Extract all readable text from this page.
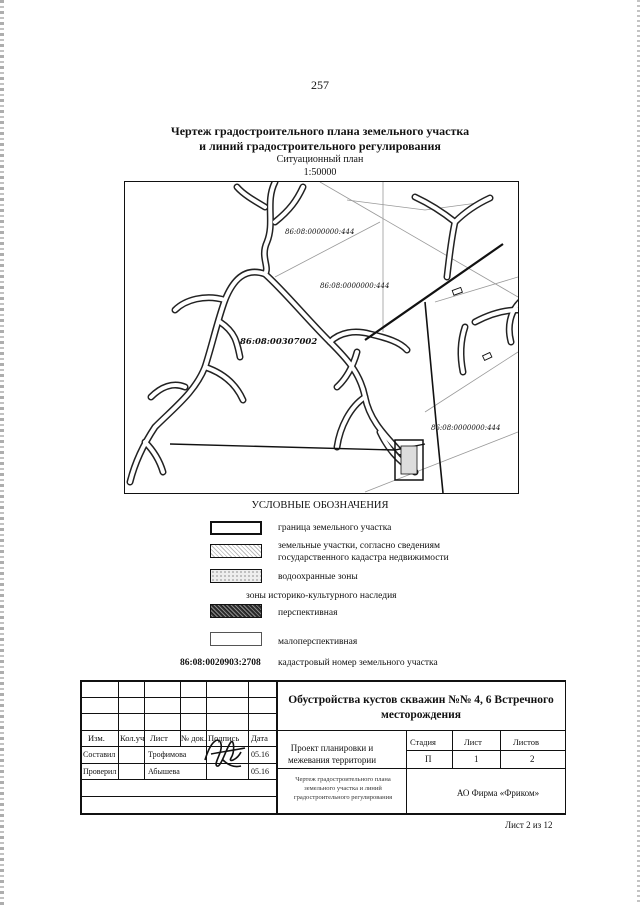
257
Чертеж градостроительного плана земельного участка
и линий градостроительного регулирования
Ситуационный план
1:50000
86:08:0000000:444
86:08:0000000:444
86:08:0000000:444
86:08:00307002
УСЛОВНЫЕ ОБОЗНАЧЕНИЯ
граница земельного участка
земельные участки, согласно сведениям
государственного кадастра недвижимости
водоохранные зоны
зоны историко-культурного наследия
перспективная
малоперспективная
86:08:0020903:2708 кадастровый номер земельного участка
Изм. Кол.уч Лист № док. Подпись Дата
Составил	Трофимова	05.16
Проверил	Абышева	05.16
Обустройства кустов скважин №№ 4, 6 Встречного
месторождения
Проект планировки и
межевания территории
Стадия	Лист	Листов
П	1	2
Чертеж градостроительного плана
земельного участка и линий
градостроительного регулирования	АО Фирма «Фриком»
Лист 2 из 12
